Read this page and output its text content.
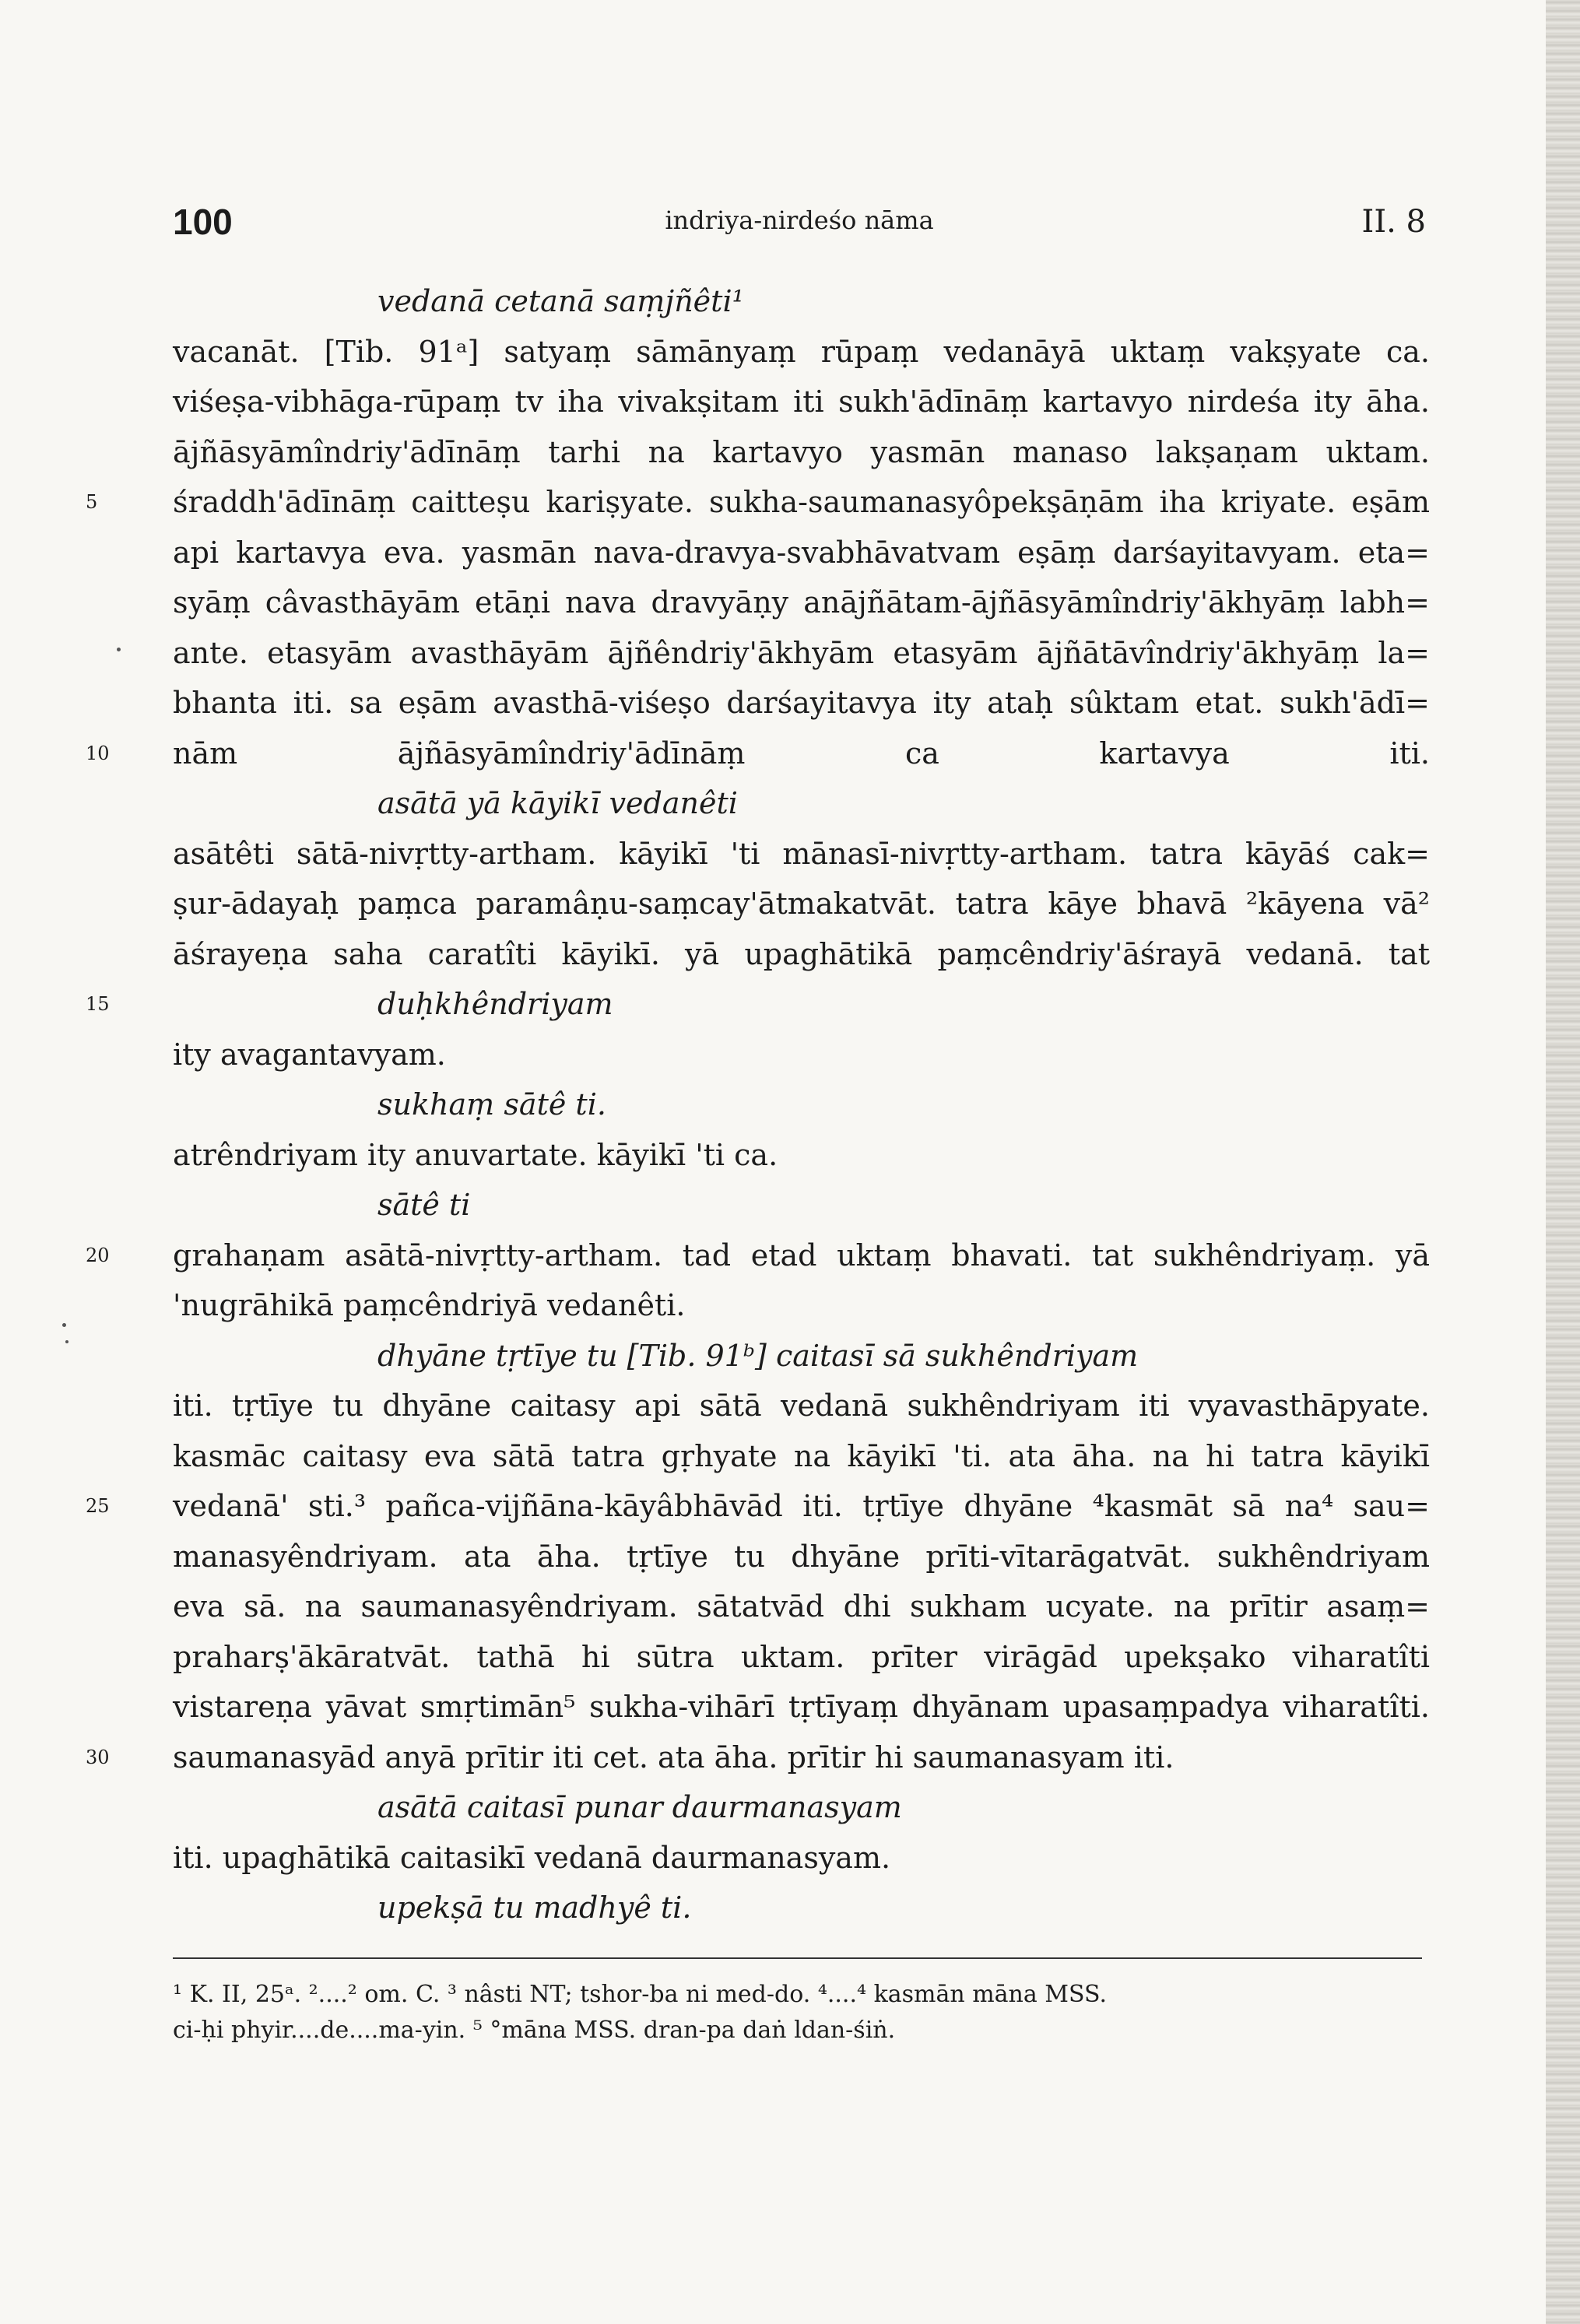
100	indriya-nirdeśo nāma	II. 8
vedanā cetanā saṃjñêti¹
vacanāt. [Tib. 91ᵃ] satyaṃ sāmānyaṃ rūpaṃ vedanāyā uktaṃ vakṣyate ca.
viśeṣa-vibhāga-rūpaṃ tv iha vivakṣitam iti sukh'ādīnāṃ kartavyo nirdeśa ity āha.
ājñāsyāmîndriy'ādīnāṃ tarhi na kartavyo yasmān manaso lakṣaṇam uktam.
5	śraddh'ādīnāṃ caitteṣu kariṣyate. sukha-saumanasyôpekṣāṇām iha kriyate. eṣām
api kartavya eva. yasmān nava-dravya-svabhāvatvam eṣāṃ darśayitavyam. eta=
syāṃ câvasthāyām etāṇi nava dravyāṇy anājñātam-ājñāsyāmîndriy'ākhyāṃ labh=
ante. etasyām avasthāyām ājñêndriy'ākhyām etasyām ājñātāvîndriy'ākhyāṃ la=
bhanta iti. sa eṣām avasthā-viśeṣo darśayitavya ity ataḥ sûktam etat. sukh'ādī=
10 nām ājñāsyāmîndriy'ādīnāṃ ca kartavya iti.
asātā yā kāyikī vedanêti
asātêti sātā-nivṛtty-artham. kāyikī 'ti mānasī-nivṛtty-artham. tatra kāyāś cak=
ṣur-ādayaḥ paṃca paramâṇu-saṃcay'ātmakatvāt. tatra kāye bhavā ²kāyena vā²
āśrayeṇa saha caratîti kāyikī. yā upaghātikā paṃcêndriy'āśrayā vedanā. tat
15	duḥkhêndriyam
ity avagantavyam.
sukhaṃ sātê ti.
atrêndriyam ity anuvartate. kāyikī 'ti ca.
sātê ti
20 grahaṇam asātā-nivṛtty-artham. tad etad uktaṃ bhavati. tat sukhêndriyaṃ. yā
'nugrāhikā paṃcêndriyā vedanêti.
dhyāne tṛtīye tu [Tib. 91ᵇ] caitasī sā sukhêndriyam
iti. tṛtīye tu dhyāne caitasy api sātā vedanā sukhêndriyam iti vyavasthāpyate.
kasmāc caitasy eva sātā tatra gṛhyate na kāyikī 'ti. ata āha. na hi tatra kāyikī
25 vedanā' sti.³ pañca-vijñāna-kāyâbhāvād iti. tṛtīye dhyāne ⁴kasmāt sā na⁴ sau=
manasyêndriyam. ata āha. tṛtīye tu dhyāne prīti-vītarāgatvāt. sukhêndriyam
eva sā. na saumanasyêndriyam. sātatvād dhi sukham ucyate. na prītir asaṃ=
praharṣ'ākāratvāt. tathā hi sūtra uktam. prīter virāgād upekṣako viharatîti
vistareṇa yāvat smṛtimān⁵ sukha-vihārī tṛtīyaṃ dhyānam upasaṃpadya viharatîti.
30 saumanasyād anyā prītir iti cet. ata āha. prītir hi saumanasyam iti.
asātā caitasī punar daurmanasyam
iti. upaghātikā caitasikī vedanā daurmanasyam.
upekṣā tu madhyê ti.
¹ K. II, 25ᵃ. ²....² om. C. ³ nâsti NT; tshor-ba ni med-do. ⁴....⁴ kasmān māna MSS.
ci-ḥi phyir....de....ma-yin. ⁵ °māna MSS. dran-pa daṅ ldan-śiṅ.
